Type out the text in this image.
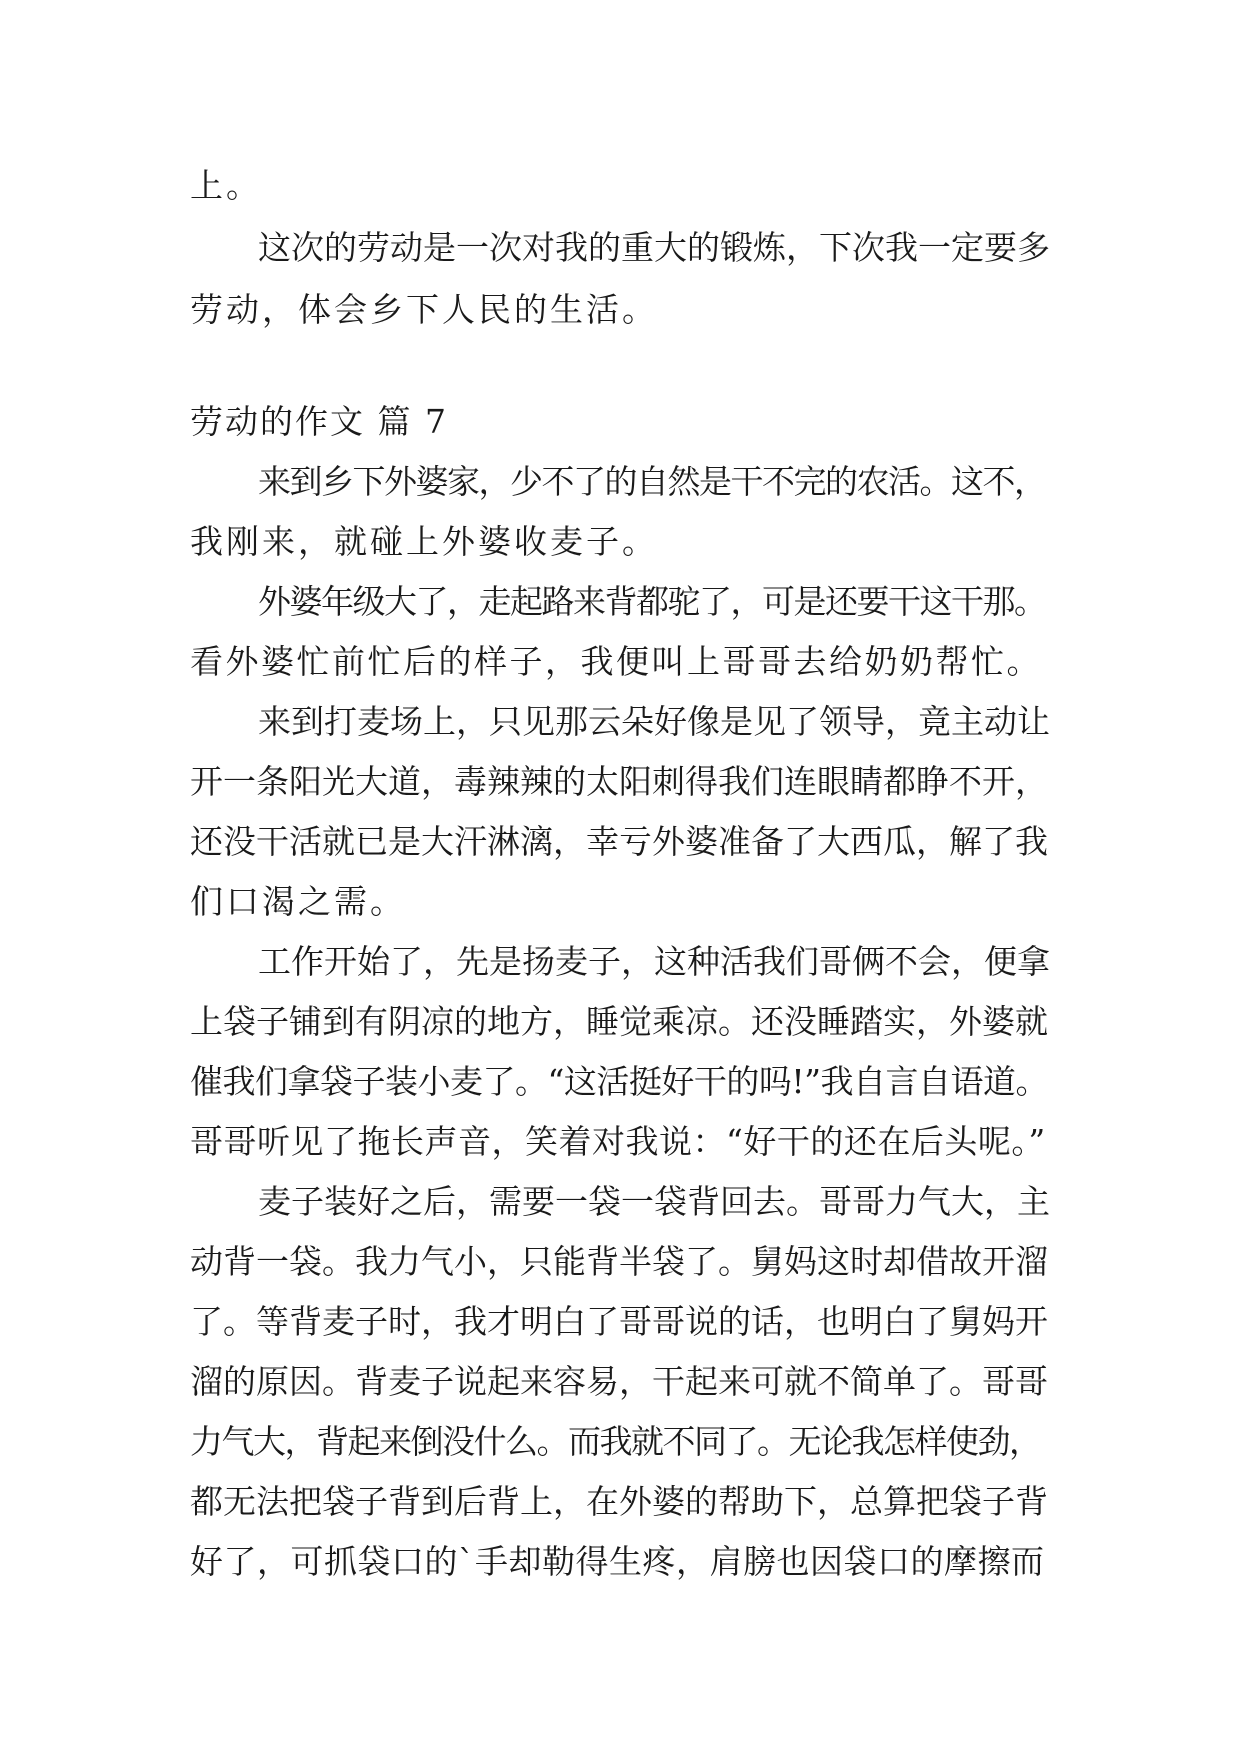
上。
这次的劳动是一次对我的重大的锻炼，下次我一定要多
劳动，体会乡下人民的生活。
劳动的作文 篇 7
来到乡下外婆家，少不了的自然是干不完的农活。这不，
我刚来，就碰上外婆收麦子。
外婆年级大了，走起路来背都驼了，可是还要干这干那。
看外婆忙前忙后的样子，我便叫上哥哥去给奶奶帮忙。
来到打麦场上，只见那云朵好像是见了领导，竟主动让
开一条阳光大道，毒辣辣的太阳刺得我们连眼睛都睁不开，
还没干活就已是大汗淋漓，幸亏外婆准备了大西瓜，解了我
们口渴之需。
工作开始了，先是扬麦子，这种活我们哥俩不会，便拿
上袋子铺到有阴凉的地方，睡觉乘凉。还没睡踏实，外婆就
催我们拿袋子装小麦了。“这活挺好干的吗!”我自言自语道。
哥哥听见了拖长声音，笑着对我说：“好干的还在后头呢。”
麦子装好之后，需要一袋一袋背回去。哥哥力气大，主
动背一袋。我力气小，只能背半袋了。舅妈这时却借故开溜
了。等背麦子时，我才明白了哥哥说的话，也明白了舅妈开
溜的原因。背麦子说起来容易，干起来可就不简单了。哥哥
力气大，背起来倒没什么。而我就不同了。无论我怎样使劲，
都无法把袋子背到后背上，在外婆的帮助下，总算把袋子背
好了，可抓袋口的`手却勒得生疼，肩膀也因袋口的摩擦而
